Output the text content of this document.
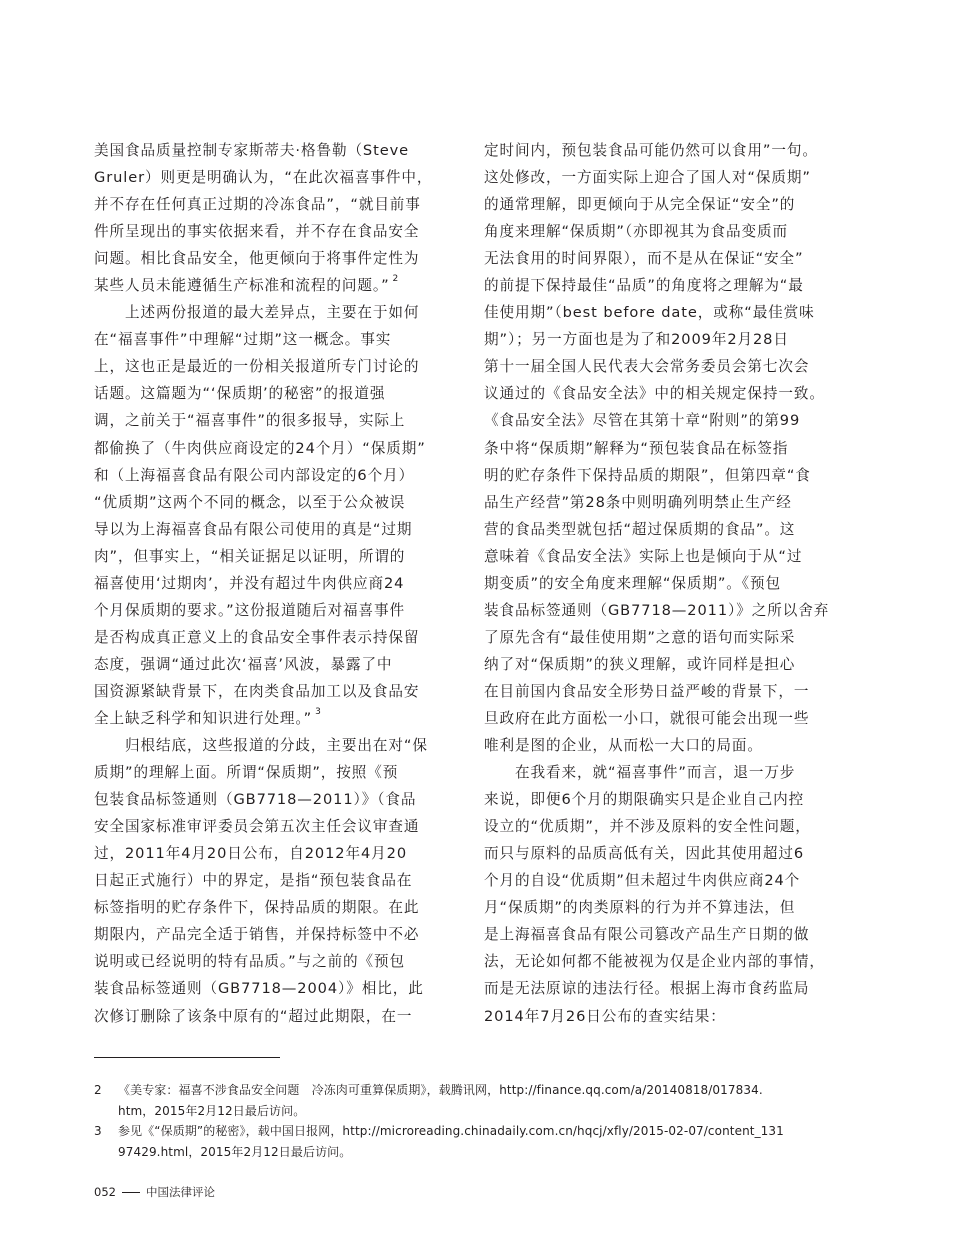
美国食品质量控制专家斯蒂夫·格鲁勒（Steve
Gruler）则更是明确认为，“在此次福喜事件中，
并不存在任何真正过期的冷冻食品”，“就目前事
件所呈现出的事实依据来看，并不存在食品安全
问题。相比食品安全，他更倾向于将事件定性为
某些人员未能遵循生产标准和流程的问题。” $^2$
　　上述两份报道的最大差异点，主要在于如何
在“福喜事件”中理解“过期”这一概念。事实
上，这也正是最近的一份相关报道所专门讨论的
话题。这篇题为“‘保质期’的秘密”的报道强
调，之前关于“福喜事件”的很多报导，实际上
都偷换了（牛肉供应商设定的24个月）“保质期”
和（上海福喜食品有限公司内部设定的6个月）
“优质期”这两个不同的概念，以至于公众被误
导以为上海福喜食品有限公司使用的真是“过期
肉”，但事实上，“相关证据足以证明，所谓的
福喜使用‘过期肉’，并没有超过牛肉供应商24
个月保质期的要求。”这份报道随后对福喜事件
是否构成真正意义上的食品安全事件表示持保留
态度，强调“通过此次‘福喜’风波，暴露了中
国资源紧缺背景下，在肉类食品加工以及食品安
全上缺乏科学和知识进行处理。” $^3$
　　归根结底，这些报道的分歧，主要出在对“保
质期”的理解上面。所谓“保质期”，按照《预
包装食品标签通则（GB7718—2011）》（食品
安全国家标准审评委员会第五次主任会议审查通
过，2011年4月20日公布，自2012年4月20
日起正式施行）中的界定，是指“预包装食品在
标签指明的贮存条件下，保持品质的期限。在此
期限内，产品完全适于销售，并保持标签中不必
说明或已经说明的特有品质。”与之前的《预包
装食品标签通则（GB7718—2004）》相比，此
次修订删除了该条中原有的“超过此期限，在一
定时间内，预包装食品可能仍然可以食用”一句。
这处修改，一方面实际上迎合了国人对“保质期”
的通常理解，即更倾向于从完全保证“安全”的
角度来理解“保质期”（亦即视其为食品变质而
无法食用的时间界限），而不是从在保证“安全”
的前提下保持最佳“品质”的角度将之理解为“最
佳使用期”（best before date，或称“最佳赏味
期”）；另一方面也是为了和2009年2月28日
第十一届全国人民代表大会常务委员会第七次会
议通过的《食品安全法》中的相关规定保持一致。
《食品安全法》尽管在其第十章“附则”的第99
条中将“保质期”解释为“预包装食品在标签指
明的贮存条件下保持品质的期限”，但第四章“食
品生产经营”第28条中则明确列明禁止生产经
营的食品类型就包括“超过保质期的食品”。这
意味着《食品安全法》实际上也是倾向于从“过
期变质”的安全角度来理解“保质期”。《预包
装食品标签通则（GB7718—2011）》之所以舍弃
了原先含有“最佳使用期”之意的语句而实际采
纳了对“保质期”的狭义理解，或许同样是担心
在目前国内食品安全形势日益严峻的背景下，一
旦政府在此方面松一小口，就很可能会出现一些
唯利是图的企业，从而松一大口的局面。
　　在我看来，就“福喜事件”而言，退一万步
来说，即便6个月的期限确实只是企业自己内控
设立的“优质期”，并不涉及原料的安全性问题，
而只与原料的品质高低有关，因此其使用超过6
个月的自设“优质期”但未超过牛肉供应商24个
月“保质期”的肉类原料的行为并不算违法，但
是上海福喜食品有限公司篡改产品生产日期的做
法，无论如何都不能被视为仅是企业内部的事情，
而是无法原谅的违法行径。根据上海市食药监局
2014年7月26日公布的查实结果：
2 《美专家：福喜不涉食品安全问题　冷冻肉可重算保质期》，载腾讯网，http://finance.qq.com/a/20140818/017834.
htm，2015年2月12日最后访问。
3 参见《“保质期”的秘密》，载中国日报网，http://microreading.chinadaily.com.cn/hqcj/xfly/2015-02-07/content_131
97429.html，2015年2月12日最后访问。
052	中国法律评论
